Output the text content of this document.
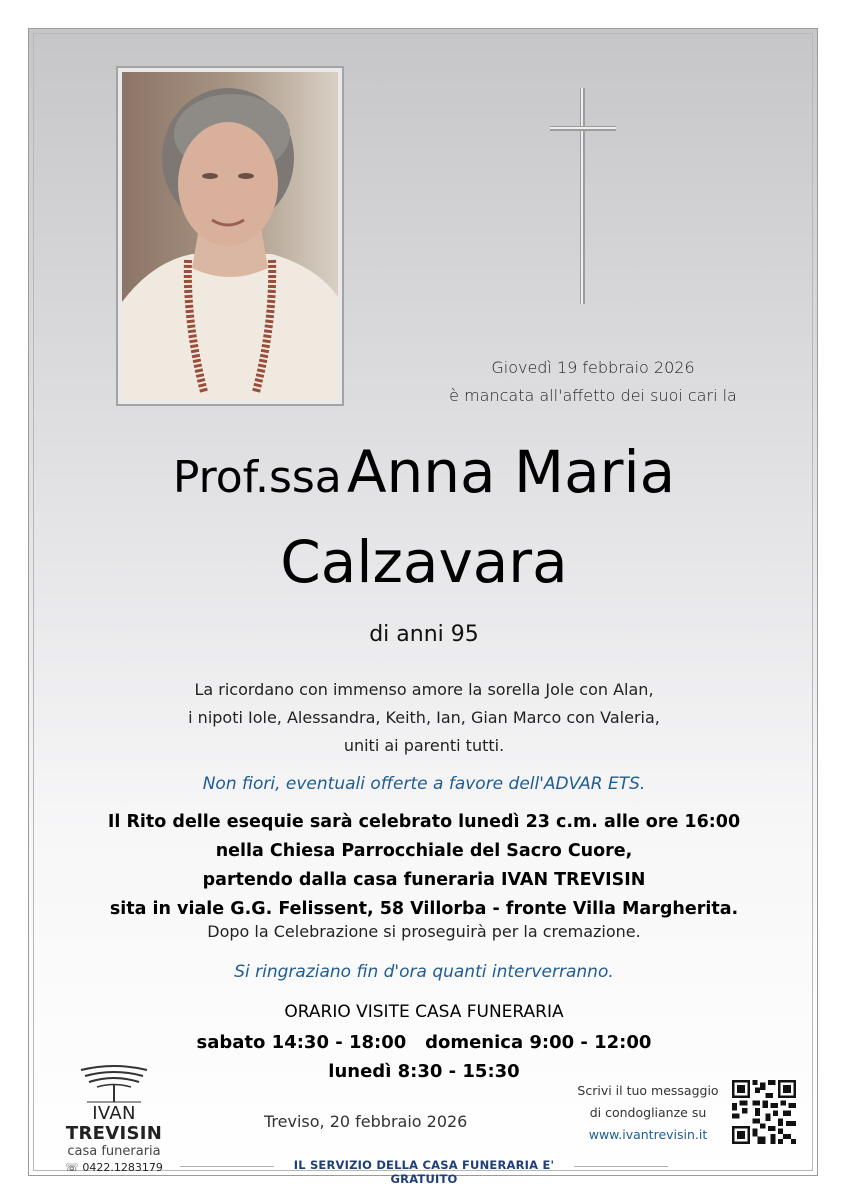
Giovedì 19 febbraio 2026
è mancata all'affetto dei suoi cari la
Prof.ssa Anna Maria
Calzavara
di anni 95
La ricordano con immenso amore la sorella Jole con Alan,
i nipoti Iole, Alessandra, Keith, Ian, Gian Marco con Valeria,
uniti ai parenti tutti.
Non fiori, eventuali offerte a favore dell'ADVAR ETS.
Il Rito delle esequie sarà celebrato lunedì 23 c.m. alle ore 16:00
nella Chiesa Parrocchiale del Sacro Cuore,
partendo dalla casa funeraria IVAN TREVISIN
sita in viale G.G. Felissent, 58 Villorba - fronte Villa Margherita.
Dopo la Celebrazione si proseguirà per la cremazione.
Si ringraziano fin d'ora quanti interverranno.
ORARIO VISITE CASA FUNERARIA
sabato 14:30 - 18:00   domenica 9:00 - 12:00
lunedì 8:30 - 15:30
IVAN TREVISIN
casa funeraria
☏ 0422.1283179
Treviso, 20 febbraio 2026
Scrivi il tuo messaggio
di condoglianze su
www.ivantrevisin.it
IL SERVIZIO DELLA CASA FUNERARIA E' GRATUITO
